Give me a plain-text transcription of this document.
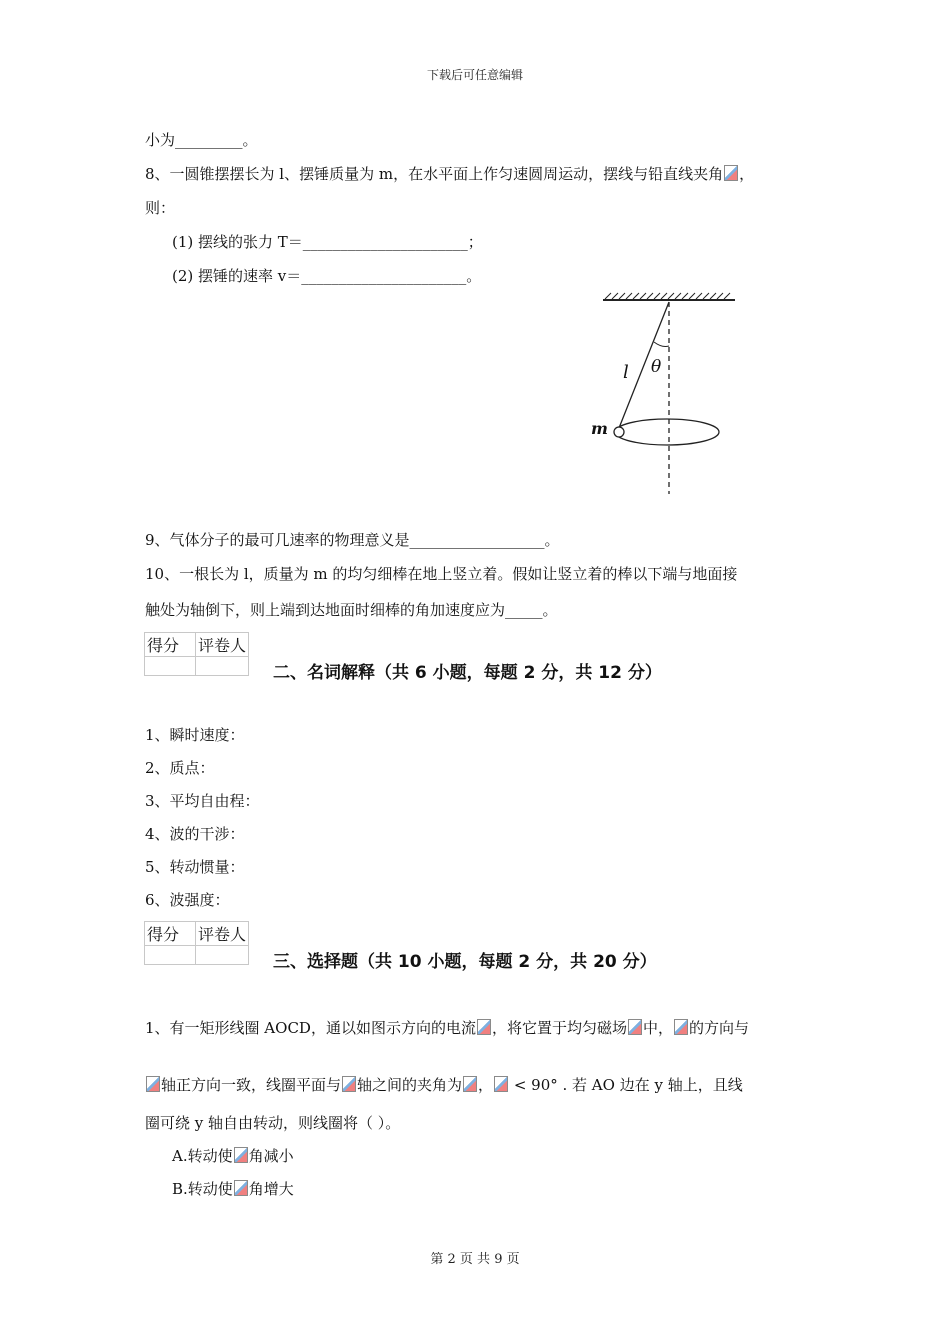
下载后可任意编辑
小为_________。
8、一圆锥摆摆长为 l、摆锤质量为 m，在水平面上作匀速圆周运动，摆线与铅直线夹角 ，
则：
(1) 摆线的张力 T＝______________________；
(2) 摆锤的速率 v＝______________________。
l θ
m
9、气体分子的最可几速率的物理意义是__________________。
10、一根长为 l，质量为 m 的均匀细棒在地上竖立着。假如让竖立着的棒以下端与地面接
触处为轴倒下，则上端到达地面时细棒的角加速度应为_____。
得分	评卷人

二、名词解释（共 6 小题，每题 2 分，共 12 分）
1、瞬时速度：
2、质点：
3、平均自由程：
4、波的干涉：
5、转动惯量：
6、波强度：
得分	评卷人

三、选择题（共 10 小题，每题 2 分，共 20 分）
1、有一矩形线圈 AOCD，通以如图示方向的电流 ，将它置于均匀磁场 中， 的方向与
轴正方向一致，线圈平面与 轴之间的夹角为 ， < 90° . 若 AO 边在 y 轴上，且线
圈可绕 y 轴自由转动，则线圈将（ ）。
A.转动使 角减小
B.转动使 角增大
第 2 页 共 9 页
